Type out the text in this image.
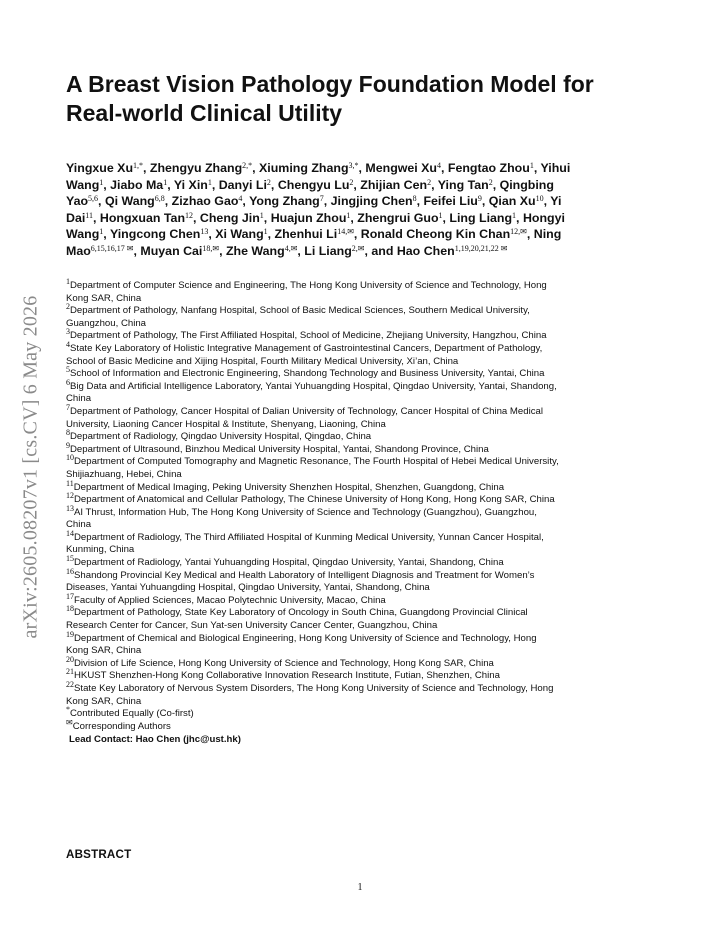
arXiv:2605.08207v1 [cs.CV] 6 May 2026
A Breast Vision Pathology Foundation Model for
Real-world Clinical Utility
Yingxue $Xu^{1,*}$, Zhengyu Zhang$^{2,*}$, Xiuming Zhang$^{3,*}$, Mengwei Xu$^4$, Fengtao Zhou$^1$, Yihui
Wang$^1$, Jiabo Ma$^1$, Yi Xin$^1$, Danyi Li$^2$, Chengyu Lu$^2$, Zhijian Cen$^2$, Ying Tan$^2$, Qingbing
Yao$^{5,6}$, Qi Wang$^{6,8}$, Zizhao Gao$^4$, Yong Zhang$^7$, Jingjing Chen$^8$, Feifei Liu$^9$, Qian Xu$^{10}$, Yi
Dai$^{11}$, Hongxuan Tan$^{12}$, Cheng Jin$^1$, Huajun Zhou$^1$, Zhengrui Guo$^1$, Ling Liang$^1$, Hongyi
Wang$^1$, Yingcong Chen$^{13}$, Xi Wang$^1$, Zhenhui $Li^{14,✉}$, Ronald Cheong Kin Chan$^{12,✉}$, Ning
Mao$^{6,15,16,17 ✉}$, Muyan Cai$^{18,✉}$, Zhe Wang$^{4,✉}$, Li Liang$^{2,✉}$, and Hao Chen$^{1,19,20,21,22 ✉}$
$^1$Department of Computer Science and Engineering, The Hong Kong University of Science and Technology, Hong
Kong SAR, China
$^2$Department of Pathology, Nanfang Hospital, School of Basic Medical Sciences, Southern Medical University,
Guangzhou, China
$^3$Department of Pathology, The First Affiliated Hospital, School of Medicine, Zhejiang University, Hangzhou, China
$^4$State Key Laboratory of Holistic Integrative Management of Gastrointestinal Cancers, Department of Pathology,
School of Basic Medicine and Xijing Hospital, Fourth Military Medical University, Xi’an, China
$^5$School of Information and Electronic Engineering, Shandong Technology and Business University, Yantai, China
$^6$Big Data and Artificial Intelligence Laboratory, Yantai Yuhuangding Hospital, Qingdao University, Yantai, Shandong,
China
$^7$Department of Pathology, Cancer Hospital of Dalian University of Technology, Cancer Hospital of China Medical
University, Liaoning Cancer Hospital & Institute, Shenyang, Liaoning, China
$^8$Department of Radiology, Qingdao University Hospital, Qingdao, China
$^9$Department of Ultrasound, Binzhou Medical University Hospital, Yantai, Shandong Province, China
$^{10}$Department of Computed Tomography and Magnetic Resonance, The Fourth Hospital of Hebei Medical University,
Shijiazhuang, Hebei, China
$^{11}$Department of Medical Imaging, Peking University Shenzhen Hospital, Shenzhen, Guangdong, China
$^{12}$Department of Anatomical and Cellular Pathology, The Chinese University of Hong Kong, Hong Kong SAR, China
$^{13}$AI Thrust, Information Hub, The Hong Kong University of Science and Technology (Guangzhou), Guangzhou,
China
$^{14}$Department of Radiology, The Third Affiliated Hospital of Kunming Medical University, Yunnan Cancer Hospital,
Kunming, China
$^{15}$Department of Radiology, Yantai Yuhuangding Hospital, Qingdao University, Yantai, Shandong, China
$^{16}$Shandong Provincial Key Medical and Health Laboratory of Intelligent Diagnosis and Treatment for Women’s
Diseases, Yantai Yuhuangding Hospital, Qingdao University, Yantai, Shandong, China
$^{17}$Faculty of Applied Sciences, Macao Polytechnic University, Macao, China
$^{18}$Department of Pathology, State Key Laboratory of Oncology in South China, Guangdong Provincial Clinical
Research Center for Cancer, Sun Yat-sen University Cancer Center, Guangzhou, China
$^{19}$Department of Chemical and Biological Engineering, Hong Kong University of Science and Technology, Hong
Kong SAR, China
$^{20}$Division of Life Science, Hong Kong University of Science and Technology, Hong Kong SAR, China
$^{21}$HKUST Shenzhen-Hong Kong Collaborative Innovation Research Institute, Futian, Shenzhen, China
$^{22}$State Key Laboratory of Nervous System Disorders, The Hong Kong University of Science and Technology, Hong
Kong SAR, China
*Contributed Equally (Co-first)
✉Corresponding Authors
Lead Contact: Hao Chen (jhc@ust.hk)
ABSTRACT
1
